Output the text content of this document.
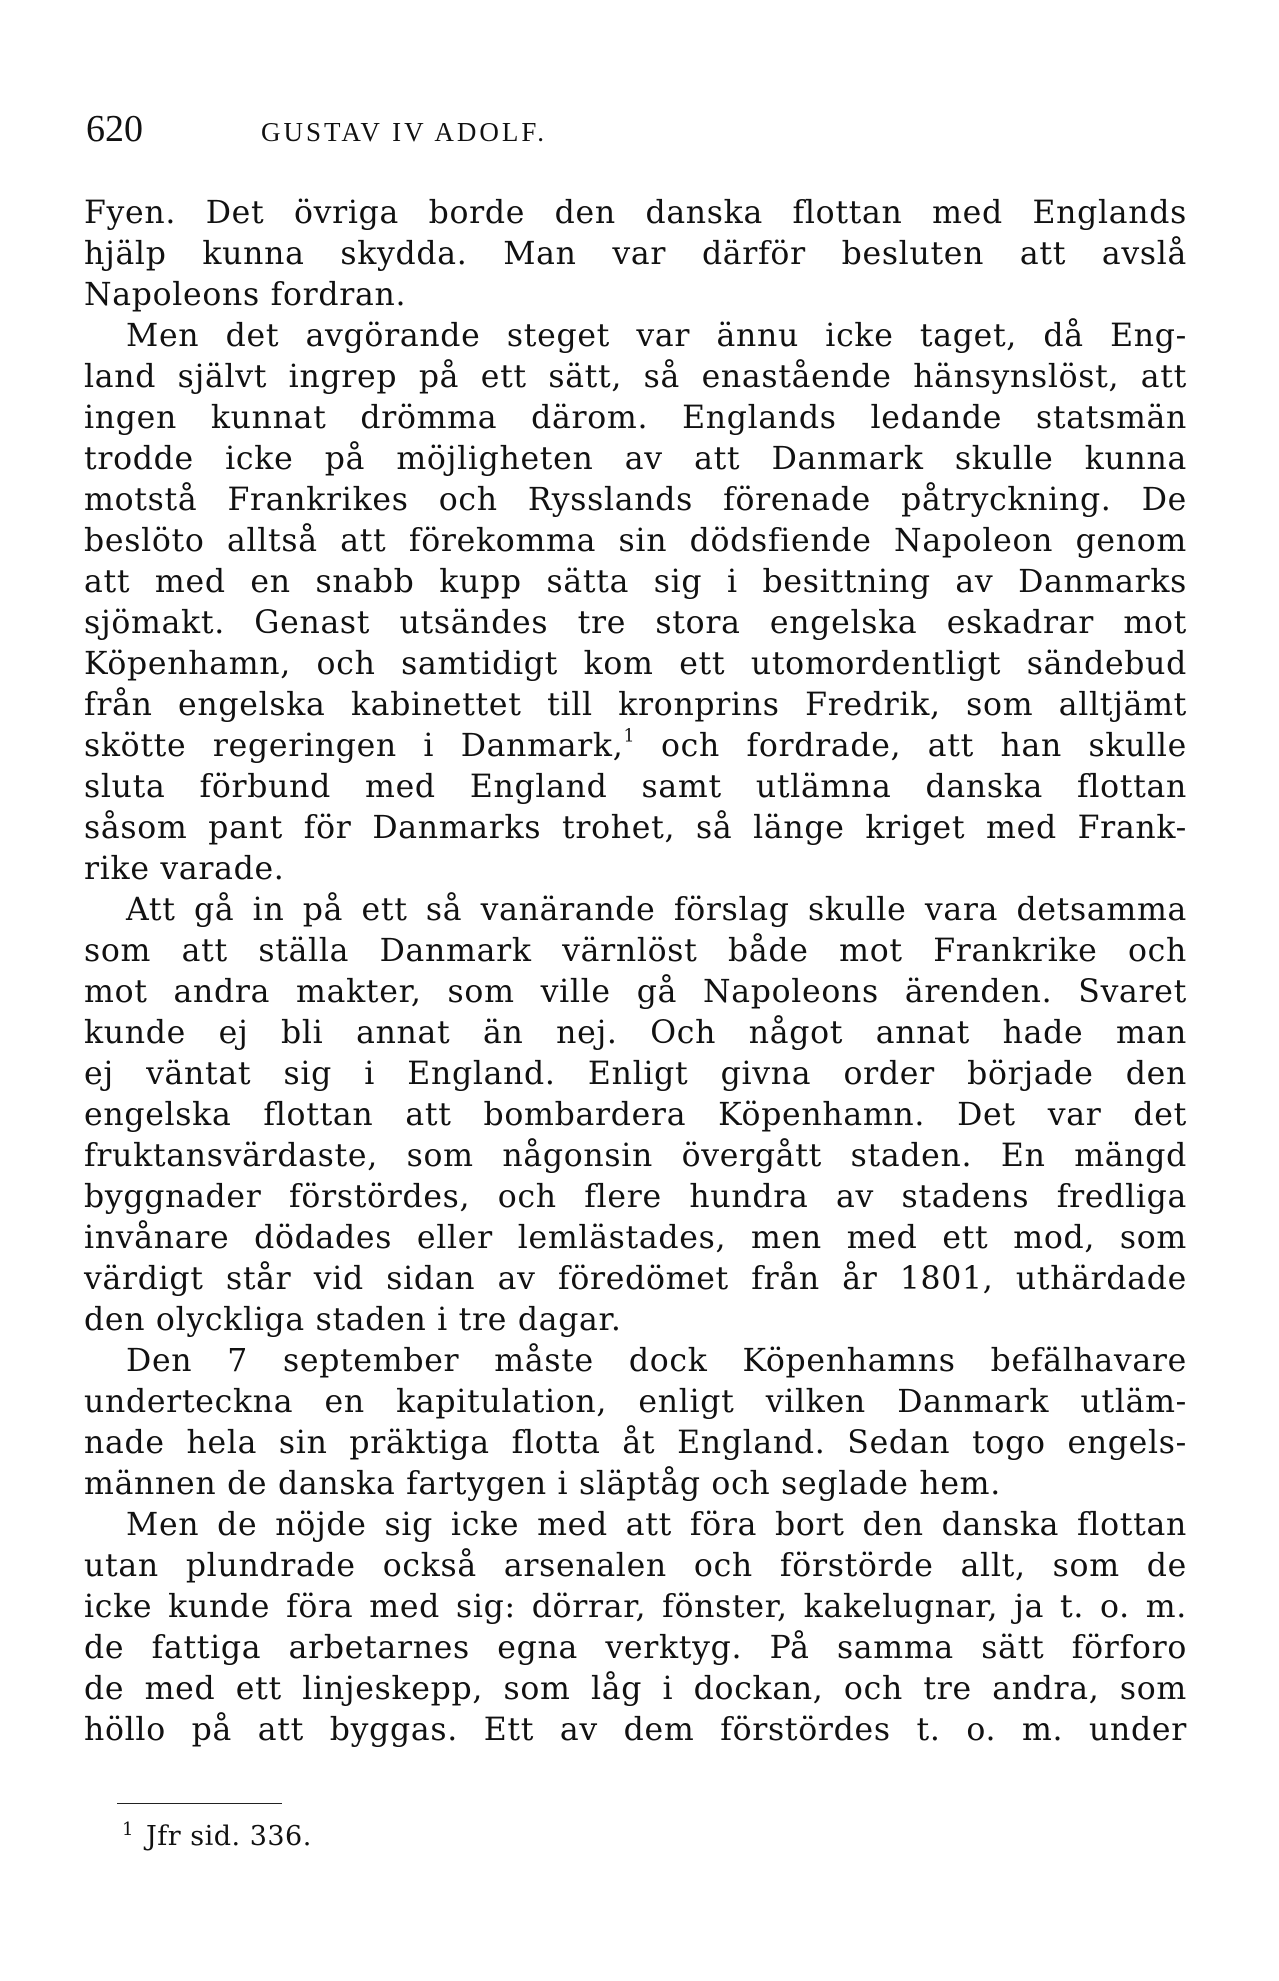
620	GUSTAV IV ADOLF.
Fyen. Det övriga borde den danska flottan med Englands
hjälp kunna skydda. Man var därför besluten att avslå
Napoleons fordran.
Men det avgörande steget var ännu icke taget, då Eng-
land självt ingrep på ett sätt, så enastående hänsynslöst, att
ingen kunnat drömma därom. Englands ledande statsmän
trodde icke på möjligheten av att Danmark skulle kunna
motstå Frankrikes och Rysslands förenade påtryckning. De
beslöto alltså att förekomma sin dödsfiende Napoleon genom
att med en snabb kupp sätta sig i besittning av Danmarks
sjömakt. Genast utsändes tre stora engelska eskadrar mot
Köpenhamn, och samtidigt kom ett utomordentligt sändebud
från engelska kabinettet till kronprins Fredrik, som alltjämt
skötte regeringen i Danmark,$^1$ och fordrade, att han skulle
sluta förbund med England samt utlämna danska flottan
såsom pant för Danmarks trohet, så länge kriget med Frank-
rike varade.
Att gå in på ett så vanärande förslag skulle vara detsamma
som att ställa Danmark värnlöst både mot Frankrike och
mot andra makter, som ville gå Napoleons ärenden. Svaret
kunde ej bli annat än nej. Och något annat hade man
ej väntat sig i England. Enligt givna order började den
engelska flottan att bombardera Köpenhamn. Det var det
fruktansvärdaste, som någonsin övergått staden. En mängd
byggnader förstördes, och flere hundra av stadens fredliga
invånare dödades eller lemlästades, men med ett mod, som
värdigt står vid sidan av föredömet från år 1801, uthärdade
den olyckliga staden i tre dagar.
Den 7 september måste dock Köpenhamns befälhavare
underteckna en kapitulation, enligt vilken Danmark utläm-
nade hela sin präktiga flotta åt England. Sedan togo engels-
männen de danska fartygen i släptåg och seglade hem.
Men de nöjde sig icke med att föra bort den danska flottan
utan plundrade också arsenalen och förstörde allt, som de
icke kunde föra med sig: dörrar, fönster, kakelugnar, ja t. o. m.
de fattiga arbetarnes egna verktyg. På samma sätt förforo
de med ett linjeskepp, som låg i dockan, och tre andra, som
höllo på att byggas. Ett av dem förstördes t. o. m. under
$^1$ Jfr sid. 336.
